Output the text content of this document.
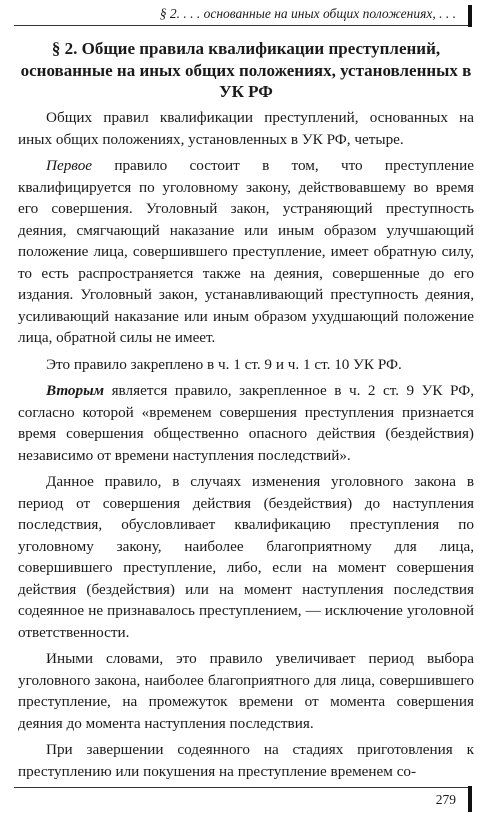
§ 2. . . . основанные на иных общих положениях, . . .
§ 2. Общие правила квалификации преступлений, основанные на иных общих положениях, установленных в УК РФ

Общих правил квалификации преступлений, основанных на иных общих положениях, установленных в УК РФ, четыре.

Первое правило состоит в том, что преступление квалифицируется по уголовному закону, действовавшему во время его совершения. Уголовный закон, устраняющий преступность деяния, смягчающий наказание или иным образом улучшающий положение лица, совершившего преступление, имеет обратную силу, то есть распространяется также на деяния, совершенные до его издания. Уголовный закон, устанавливающий преступность деяния, усиливающий наказание или иным образом ухудшающий положение лица, обратной силы не имеет.

Это правило закреплено в ч. 1 ст. 9 и ч. 1 ст. 10 УК РФ.

Вторым является правило, закрепленное в ч. 2 ст. 9 УК РФ, согласно которой «временем совершения преступления признается время совершения общественно опасного действия (бездействия) независимо от времени наступления последствий».

Данное правило, в случаях изменения уголовного закона в период от совершения действия (бездействия) до наступления последствия, обусловливает квалификацию преступления по уголовному закону, наиболее благоприятному для лица, совершившего преступление, либо, если на момент совершения действия (бездействия) или на момент наступления последствия содеянное не признавалось преступлением, — исключение уголовной ответственности.

Иными словами, это правило увеличивает период выбора уголовного закона, наиболее благоприятного для лица, совершившего преступление, на промежуток времени от момента совершения деяния до момента наступления последствия.

При завершении содеянного на стадиях приготовления к преступлению или покушения на преступление временем со-

279
